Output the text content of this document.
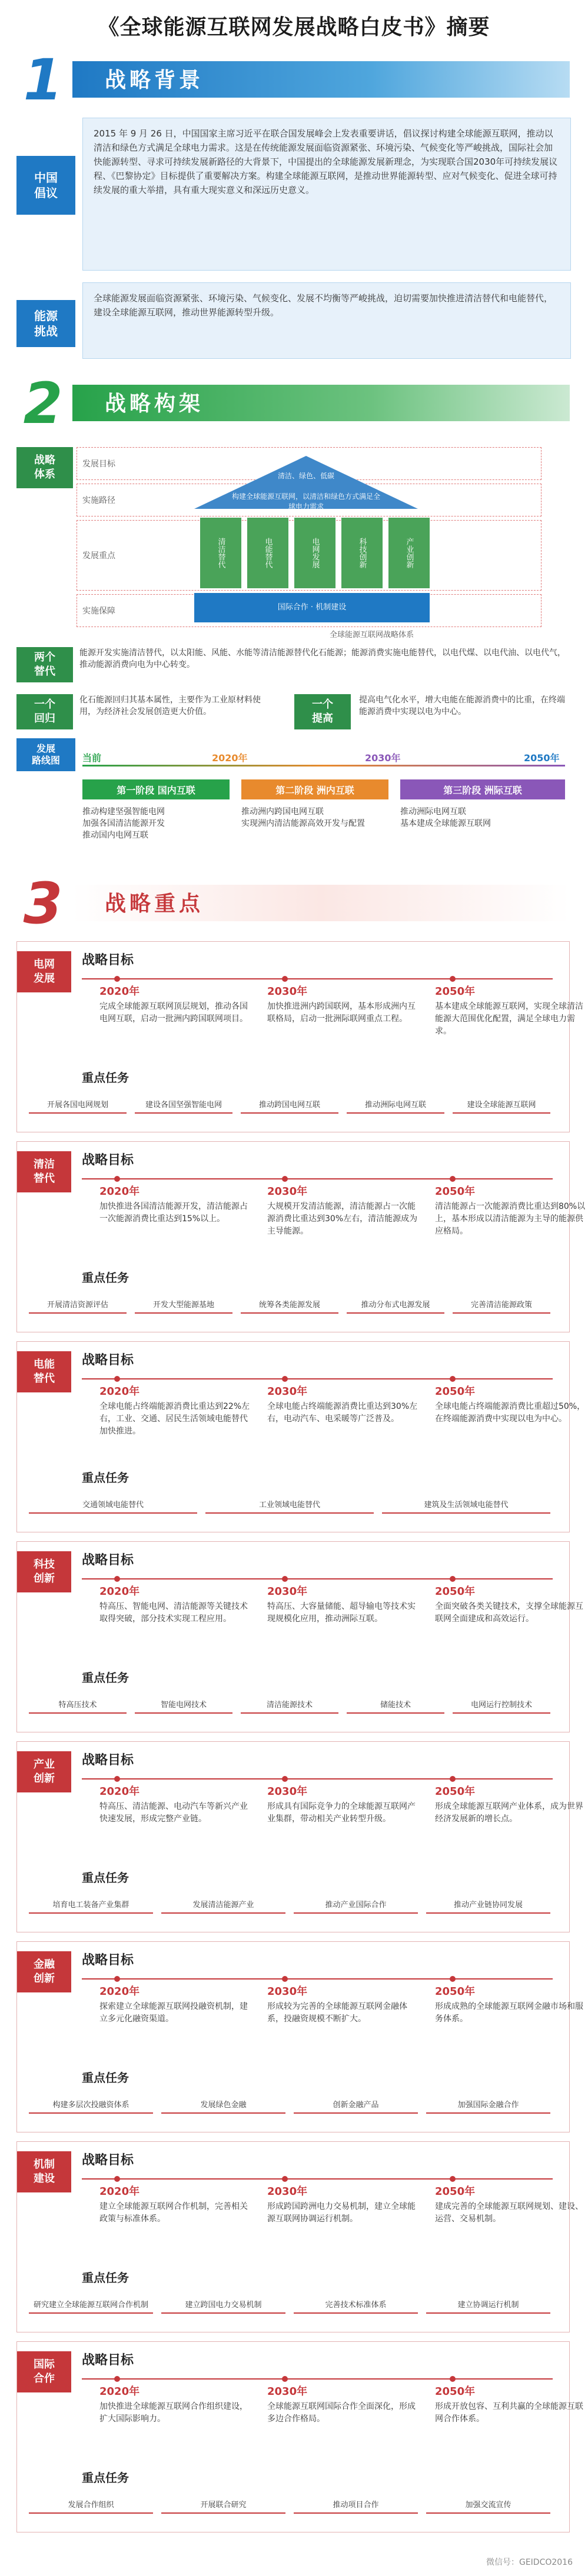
《全球能源互联网发展战略白皮书》摘要
1	战略背景
中国
倡议
2015 年 9 月 26 日，中国国家主席习近平在联合国发展峰会上发表重要讲话，倡议探讨构建全球能源互联网，推动以清洁和绿色方式满足全球电力需求。这是在传统能源发展面临资源紧张、环境污染、气候变化等严峻挑战，国际社会加快能源转型、寻求可持续发展新路径的大背景下，中国提出的全球能源发展新理念，为实现联合国2030年可持续发展议程、《巴黎协定》目标提供了重要解决方案。构建全球能源互联网，是推动世界能源转型、应对气候变化、促进全球可持续发展的重大举措，具有重大现实意义和深远历史意义。
能源
挑战
全球能源发展面临资源紧张、环境污染、气候变化、发展不均衡等严峻挑战，迫切需要加快推进清洁替代和电能替代，建设全球能源互联网，推动世界能源转型升级。
2	战略构架
战略
体系
发展目标
实施路径
发展重点
实施保障
清洁、绿色、低碳
构建全球能源互联网，以清洁和绿色方式满足全球电力需求
清洁替代	电能替代	电网发展	科技创新	产业创新
国际合作 · 机制建设
全球能源互联网战略体系
两个
替代
能源开发实施清洁替代，以太阳能、风能、水能等清洁能源替代化石能源；能源消费实施电能替代，以电代煤、以电代油、以电代气，推动能源消费向电为中心转变。
一个
回归
化石能源回归其基本属性，主要作为工业原材料使用，为经济社会发展创造更大价值。
一个
提高
提高电气化水平，增大电能在能源消费中的比重，在终端能源消费中实现以电为中心。
发展
路线图	当前	2020年	2030年	2050年
第一阶段 国内互联	第二阶段 洲内互联	第三阶段 洲际互联
推动构建坚强智能电网
加强各国清洁能源开发
推动国内电网互联
推动洲内跨国电网互联
实现洲内清洁能源高效开发与配置
推动洲际电网互联
基本建成全球能源互联网
3	战略重点
电网
发展
战略目标
2020年
完成全球能源互联网顶层规划，推动各国电网互联，启动一批洲内跨国联网项目。
2030年
加快推进洲内跨国联网，基本形成洲内互联格局，启动一批洲际联网重点工程。
2050年
基本建成全球能源互联网，实现全球清洁能源大范围优化配置，满足全球电力需求。
重点任务
开展各国电网规划	建设各国坚强智能电网	推动跨国电网互联	推动洲际电网互联	建设全球能源互联网
清洁
替代
战略目标
2020年
加快推进各国清洁能源开发，清洁能源占一次能源消费比重达到15%以上。
2030年
大规模开发清洁能源，清洁能源占一次能源消费比重达到30%左右，清洁能源成为主导能源。
2050年
清洁能源占一次能源消费比重达到80%以上，基本形成以清洁能源为主导的能源供应格局。
重点任务
开展清洁资源评估	开发大型能源基地	统筹各类能源发展	推动分布式电源发展	完善清洁能源政策
电能
替代
战略目标
2020年
全球电能占终端能源消费比重达到22%左右，工业、交通、居民生活领域电能替代加快推进。
2030年
全球电能占终端能源消费比重达到30%左右，电动汽车、电采暖等广泛普及。
2050年
全球电能占终端能源消费比重超过50%，在终端能源消费中实现以电为中心。
重点任务
交通领域电能替代	工业领域电能替代	建筑及生活领域电能替代
科技
创新
战略目标
2020年
特高压、智能电网、清洁能源等关键技术取得突破，部分技术实现工程应用。
2030年
特高压、大容量储能、超导输电等技术实现规模化应用，推动洲际互联。
2050年
全面突破各类关键技术，支撑全球能源互联网全面建成和高效运行。
重点任务
特高压技术	智能电网技术	清洁能源技术	储能技术	电网运行控制技术
产业
创新
战略目标
2020年
特高压、清洁能源、电动汽车等新兴产业快速发展，形成完整产业链。
2030年
形成具有国际竞争力的全球能源互联网产业集群，带动相关产业转型升级。
2050年
形成全球能源互联网产业体系，成为世界经济发展新的增长点。
重点任务
培育电工装备产业集群	发展清洁能源产业	推动产业国际合作	推动产业链协同发展
金融
创新
战略目标
2020年
探索建立全球能源互联网投融资机制，建立多元化融资渠道。
2030年
形成较为完善的全球能源互联网金融体系，投融资规模不断扩大。
2050年
形成成熟的全球能源互联网金融市场和服务体系。
重点任务
构建多层次投融资体系	发展绿色金融	创新金融产品	加强国际金融合作
机制
建设
战略目标
2020年
建立全球能源互联网合作机制，完善相关政策与标准体系。
2030年
形成跨国跨洲电力交易机制，建立全球能源互联网协调运行机制。
2050年
建成完善的全球能源互联网规划、建设、运营、交易机制。
重点任务
研究建立全球能源互联网合作机制	建立跨国电力交易机制	完善技术标准体系	建立协调运行机制
国际
合作
战略目标
2020年
加快推进全球能源互联网合作组织建设，扩大国际影响力。
2030年
全球能源互联网国际合作全面深化，形成多边合作格局。
2050年
形成开放包容、互利共赢的全球能源互联网合作体系。
重点任务
发展合作组织	开展联合研究	推动项目合作	加强交流宣传
微信号：GEIDCO2016
